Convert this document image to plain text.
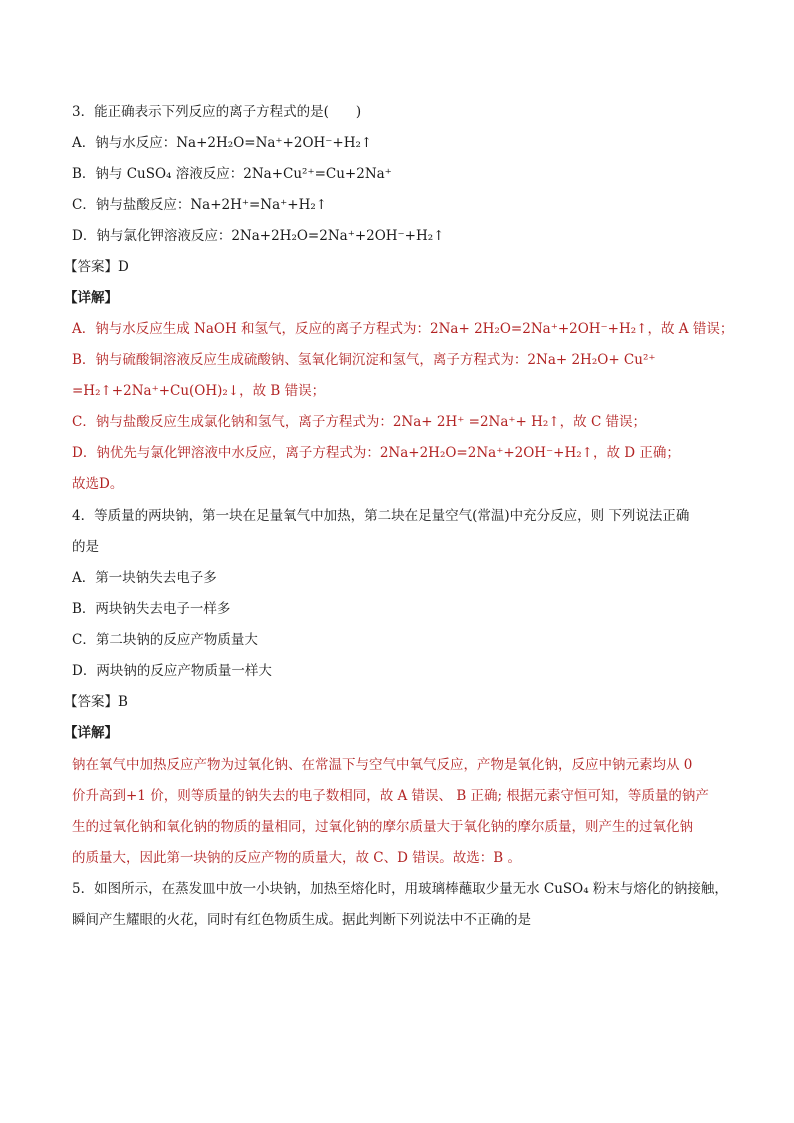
3．能正确表示下列反应的离子方程式的是(　　)
A．钠与水反应：Na+2H₂O=Na⁺+2OH⁻+H₂↑
B．钠与 CuSO₄ 溶液反应：2Na+Cu²⁺=Cu+2Na⁺
C．钠与盐酸反应：Na+2H⁺=Na⁺+H₂↑
D．钠与氯化钾溶液反应：2Na+2H₂O=2Na⁺+2OH⁻+H₂↑
【答案】D
【详解】
A．钠与水反应生成 NaOH 和氢气，反应的离子方程式为：2Na+ 2H₂O=2Na⁺+2OH⁻+H₂↑，故 A 错误；
B．钠与硫酸铜溶液反应生成硫酸钠、氢氧化铜沉淀和氢气，离子方程式为：2Na+ 2H₂O+ Cu²⁺
=H₂↑+2Na⁺+Cu(OH)₂↓，故 B 错误；
C．钠与盐酸反应生成氯化钠和氢气，离子方程式为：2Na+ 2H⁺ =2Na⁺+ H₂↑，故 C 错误；
D．钠优先与氯化钾溶液中水反应，离子方程式为：2Na+2H₂O=2Na⁺+2OH⁻+H₂↑，故 D 正确；
故选D。
4．等质量的两块钠，第一块在足量氧气中加热，第二块在足量空气(常温)中充分反应，则 下列说法正确
的是
A．第一块钠失去电子多
B．两块钠失去电子一样多
C．第二块钠的反应产物质量大
D．两块钠的反应产物质量一样大
【答案】B
【详解】
钠在氧气中加热反应产物为过氧化钠、在常温下与空气中氧气反应，产物是氧化钠，反应中钠元素均从 0
价升高到+1 价，则等质量的钠失去的电子数相同，故 A 错误、 B 正确; 根据元素守恒可知，等质量的钠产
生的过氧化钠和氧化钠的物质的量相同，过氧化钠的摩尔质量大于氧化钠的摩尔质量，则产生的过氧化钠
的质量大，因此第一块钠的反应产物的质量大，故 C、D 错误。故选：B 。
5．如图所示，在蒸发皿中放一小块钠，加热至熔化时，用玻璃棒蘸取少量无水 CuSO₄ 粉末与熔化的钠接触，
瞬间产生耀眼的火花，同时有红色物质生成。据此判断下列说法中不正确的是
